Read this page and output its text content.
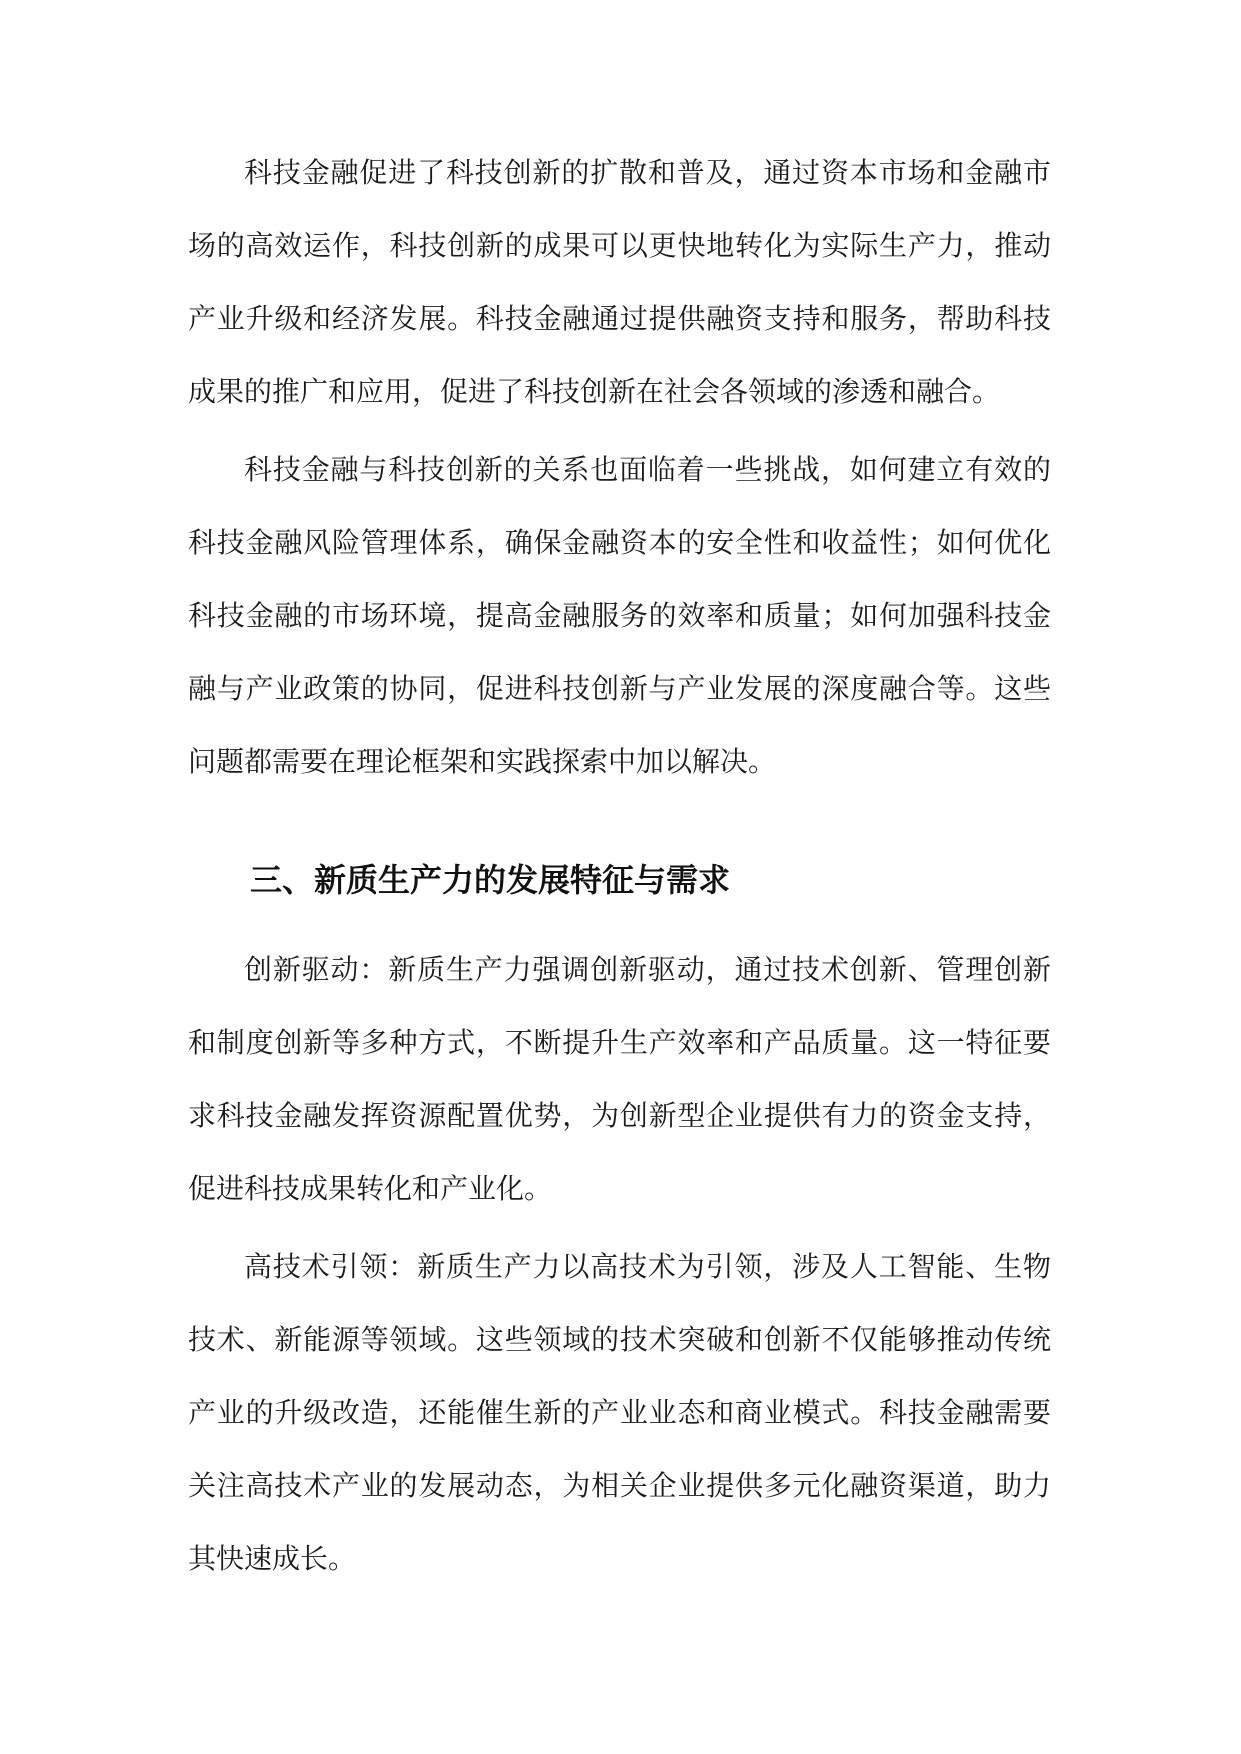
科技金融促进了科技创新的扩散和普及，通过资本市场和金融市场的高效运作，科技创新的成果可以更快地转化为实际生产力，推动产业升级和经济发展。科技金融通过提供融资支持和服务，帮助科技成果的推广和应用，促进了科技创新在社会各领域的渗透和融合。

科技金融与科技创新的关系也面临着一些挑战，如何建立有效的科技金融风险管理体系，确保金融资本的安全性和收益性；如何优化科技金融的市场环境，提高金融服务的效率和质量；如何加强科技金融与产业政策的协同，促进科技创新与产业发展的深度融合等。这些问题都需要在理论框架和实践探索中加以解决。

三、新质生产力的发展特征与需求

创新驱动：新质生产力强调创新驱动，通过技术创新、管理创新和制度创新等多种方式，不断提升生产效率和产品质量。这一特征要求科技金融发挥资源配置优势，为创新型企业提供有力的资金支持，促进科技成果转化和产业化。

高技术引领：新质生产力以高技术为引领，涉及人工智能、生物技术、新能源等领域。这些领域的技术突破和创新不仅能够推动传统产业的升级改造，还能催生新的产业业态和商业模式。科技金融需要关注高技术产业的发展动态，为相关企业提供多元化融资渠道，助力其快速成长。
